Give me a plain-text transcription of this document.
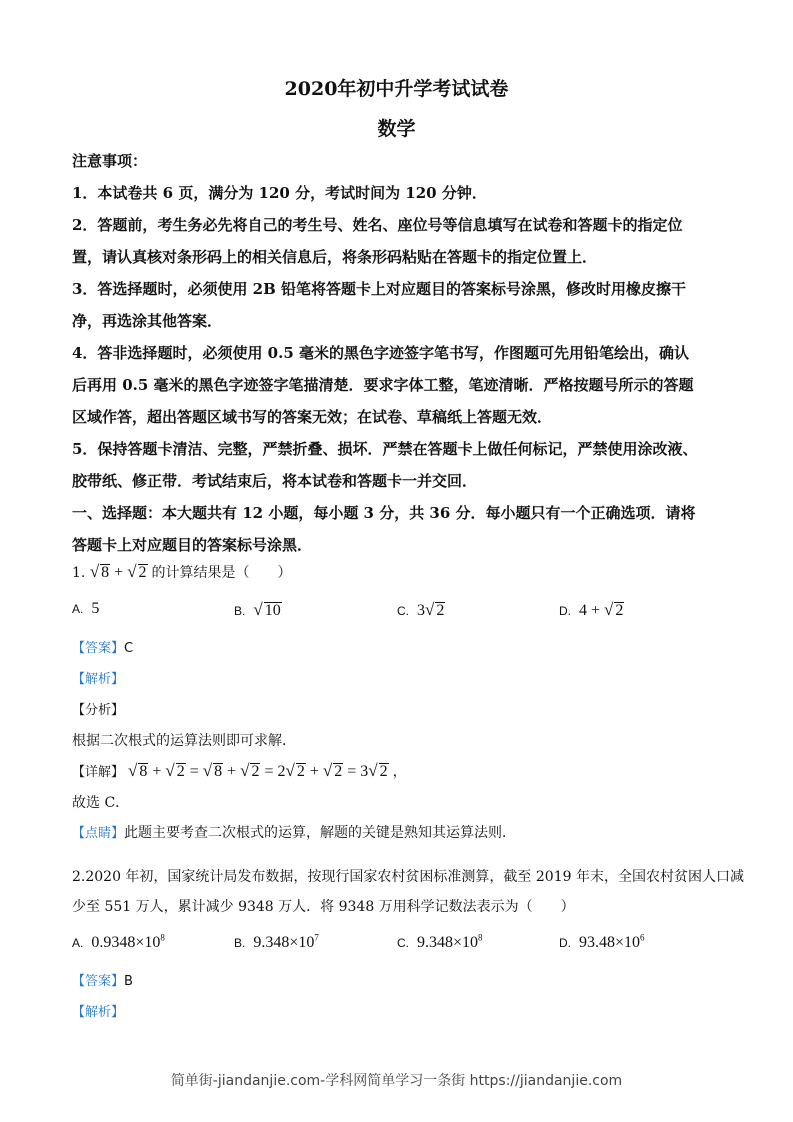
2020年初中升学考试试卷
数学
注意事项：
1．本试卷共 6 页，满分为 120 分，考试时间为 120 分钟．
2．答题前，考生务必先将自己的考生号、姓名、座位号等信息填写在试卷和答题卡的指定位
置，请认真核对条形码上的相关信息后，将条形码粘贴在答题卡的指定位置上．
3．答选择题时，必须使用 2B 铅笔将答题卡上对应题目的答案标号涂黑，修改时用橡皮擦干
净，再选涂其他答案．
4．答非选择题时，必须使用 0.5 毫米的黑色字迹签字笔书写，作图题可先用铅笔绘出，确认
后再用 0.5 毫米的黑色字迹签字笔描清楚．要求字体工整，笔迹清晰．严格按题号所示的答题
区域作答，超出答题区域书写的答案无效；在试卷、草稿纸上答题无效．
5．保持答题卡清洁、完整，严禁折叠、损坏．严禁在答题卡上做任何标记，严禁使用涂改液、
胶带纸、修正带．考试结束后，将本试卷和答题卡一并交回．
一、选择题：本大题共有 12 小题，每小题 3 分，共 36 分．每小题只有一个正确选项．请将
答题卡上对应题目的答案标号涂黑．
1. √ 8 + √ 2 的计算结果是（　　）
A. 5	B. √ 10	C. 3√ 2	D. 4 + √ 2
【答案】C
【解析】
【分析】
根据二次根式的运算法则即可求解．
【详解】 √ 8 + √ 2 = √ 8 + √ 2 = 2√ 2 + √ 2 = 3√ 2 ，
故选 C．
【点睛】此题主要考查二次根式的运算，解题的关键是熟知其运算法则．
2.2020 年初，国家统计局发布数据，按现行国家农村贫困标准测算，截至 2019 年末，全国农村贫困人口减
少至 551 万人，累计减少 9348 万人．将 9348 万用科学记数法表示为（　　）
A. $0.9348\times 10^8$	B. $9.348\times 10^7$	C. $9.348\times 10^8$	D. $93.48\times 10^6$
【答案】B
【解析】
简单街-jiandanjie.com-学科网简单学习一条街 https://jiandanjie.com
